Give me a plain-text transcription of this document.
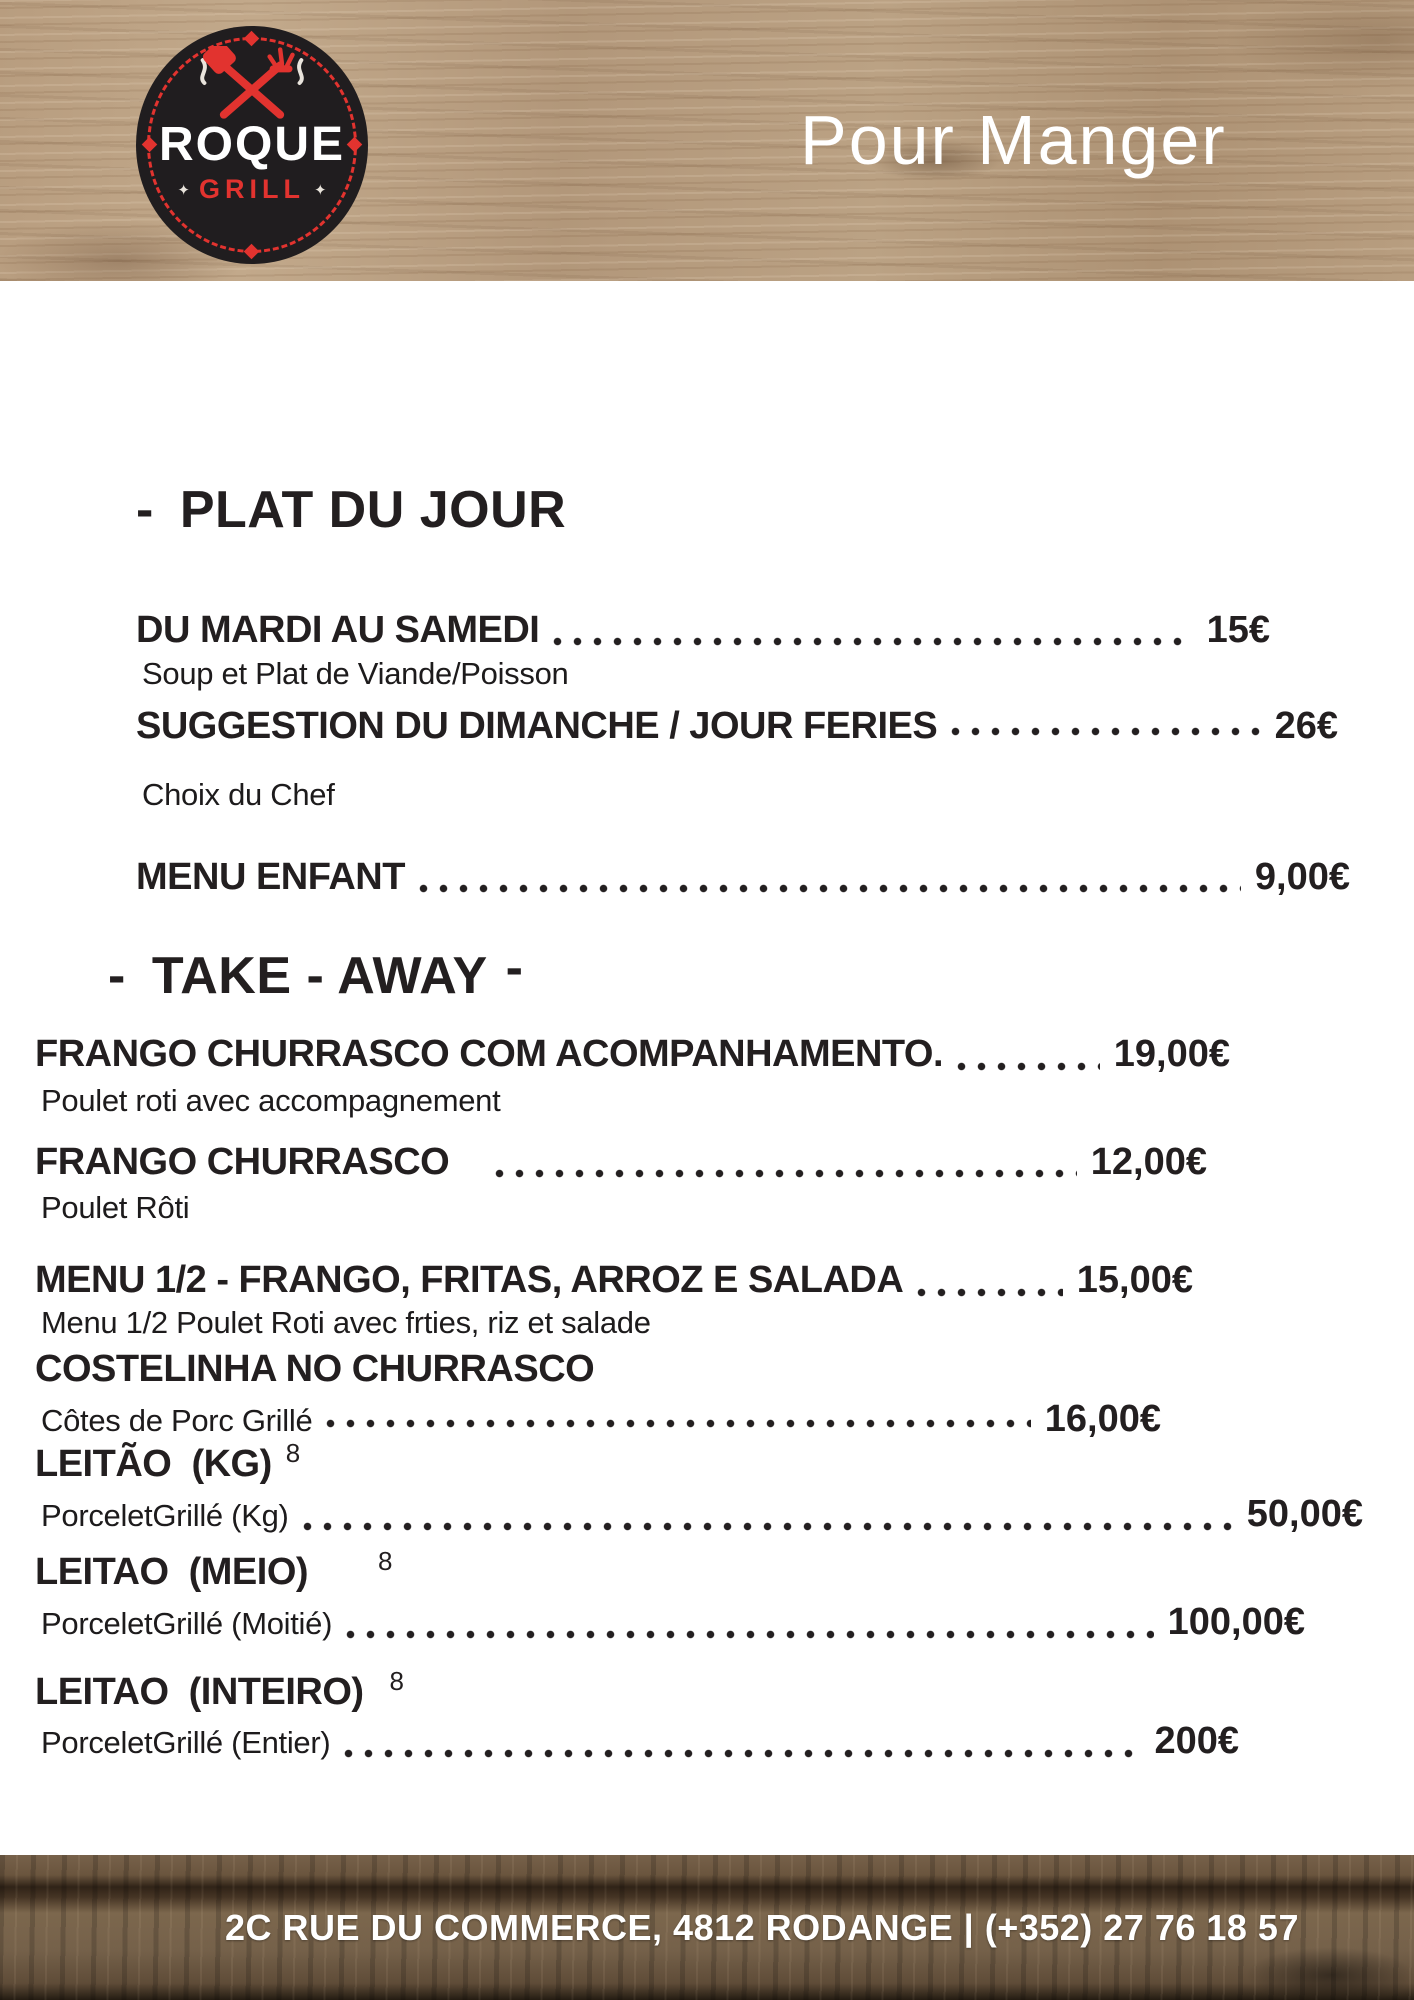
ROQUE
✦ GRILL ✦
Pour Manger
- PLAT DU JOUR
DU MARDI AU SAMEDI	15€
Soup et Plat de Viande/Poisson
SUGGESTION DU DIMANCHE / JOUR FERIES	26€
Choix du Chef
MENU ENFANT	9,00€
- TAKE - AWAY -
FRANGO CHURRASCO COM ACOMPANHAMENTO.	19,00€
Poulet roti avec accompagnement
FRANGO CHURRASCO	12,00€
Poulet Rôti
MENU 1/2 - FRANGO, FRITAS, ARROZ E SALADA	15,00€
Menu 1/2 Poulet Roti avec frties, riz et salade
COSTELINHA NO CHURRASCO
Côtes de Porc Grillé	16,00€
LEITÃO  (KG) 8
PorceletGrillé (Kg)	50,00€
LEITAO  (MEIO)	8
PorceletGrillé (Moitié)	100,00€
LEITAO  (INTEIRO) 8
PorceletGrillé (Entier)	200€
2C RUE DU COMMERCE, 4812 RODANGE | (+352) 27 76 18 57
